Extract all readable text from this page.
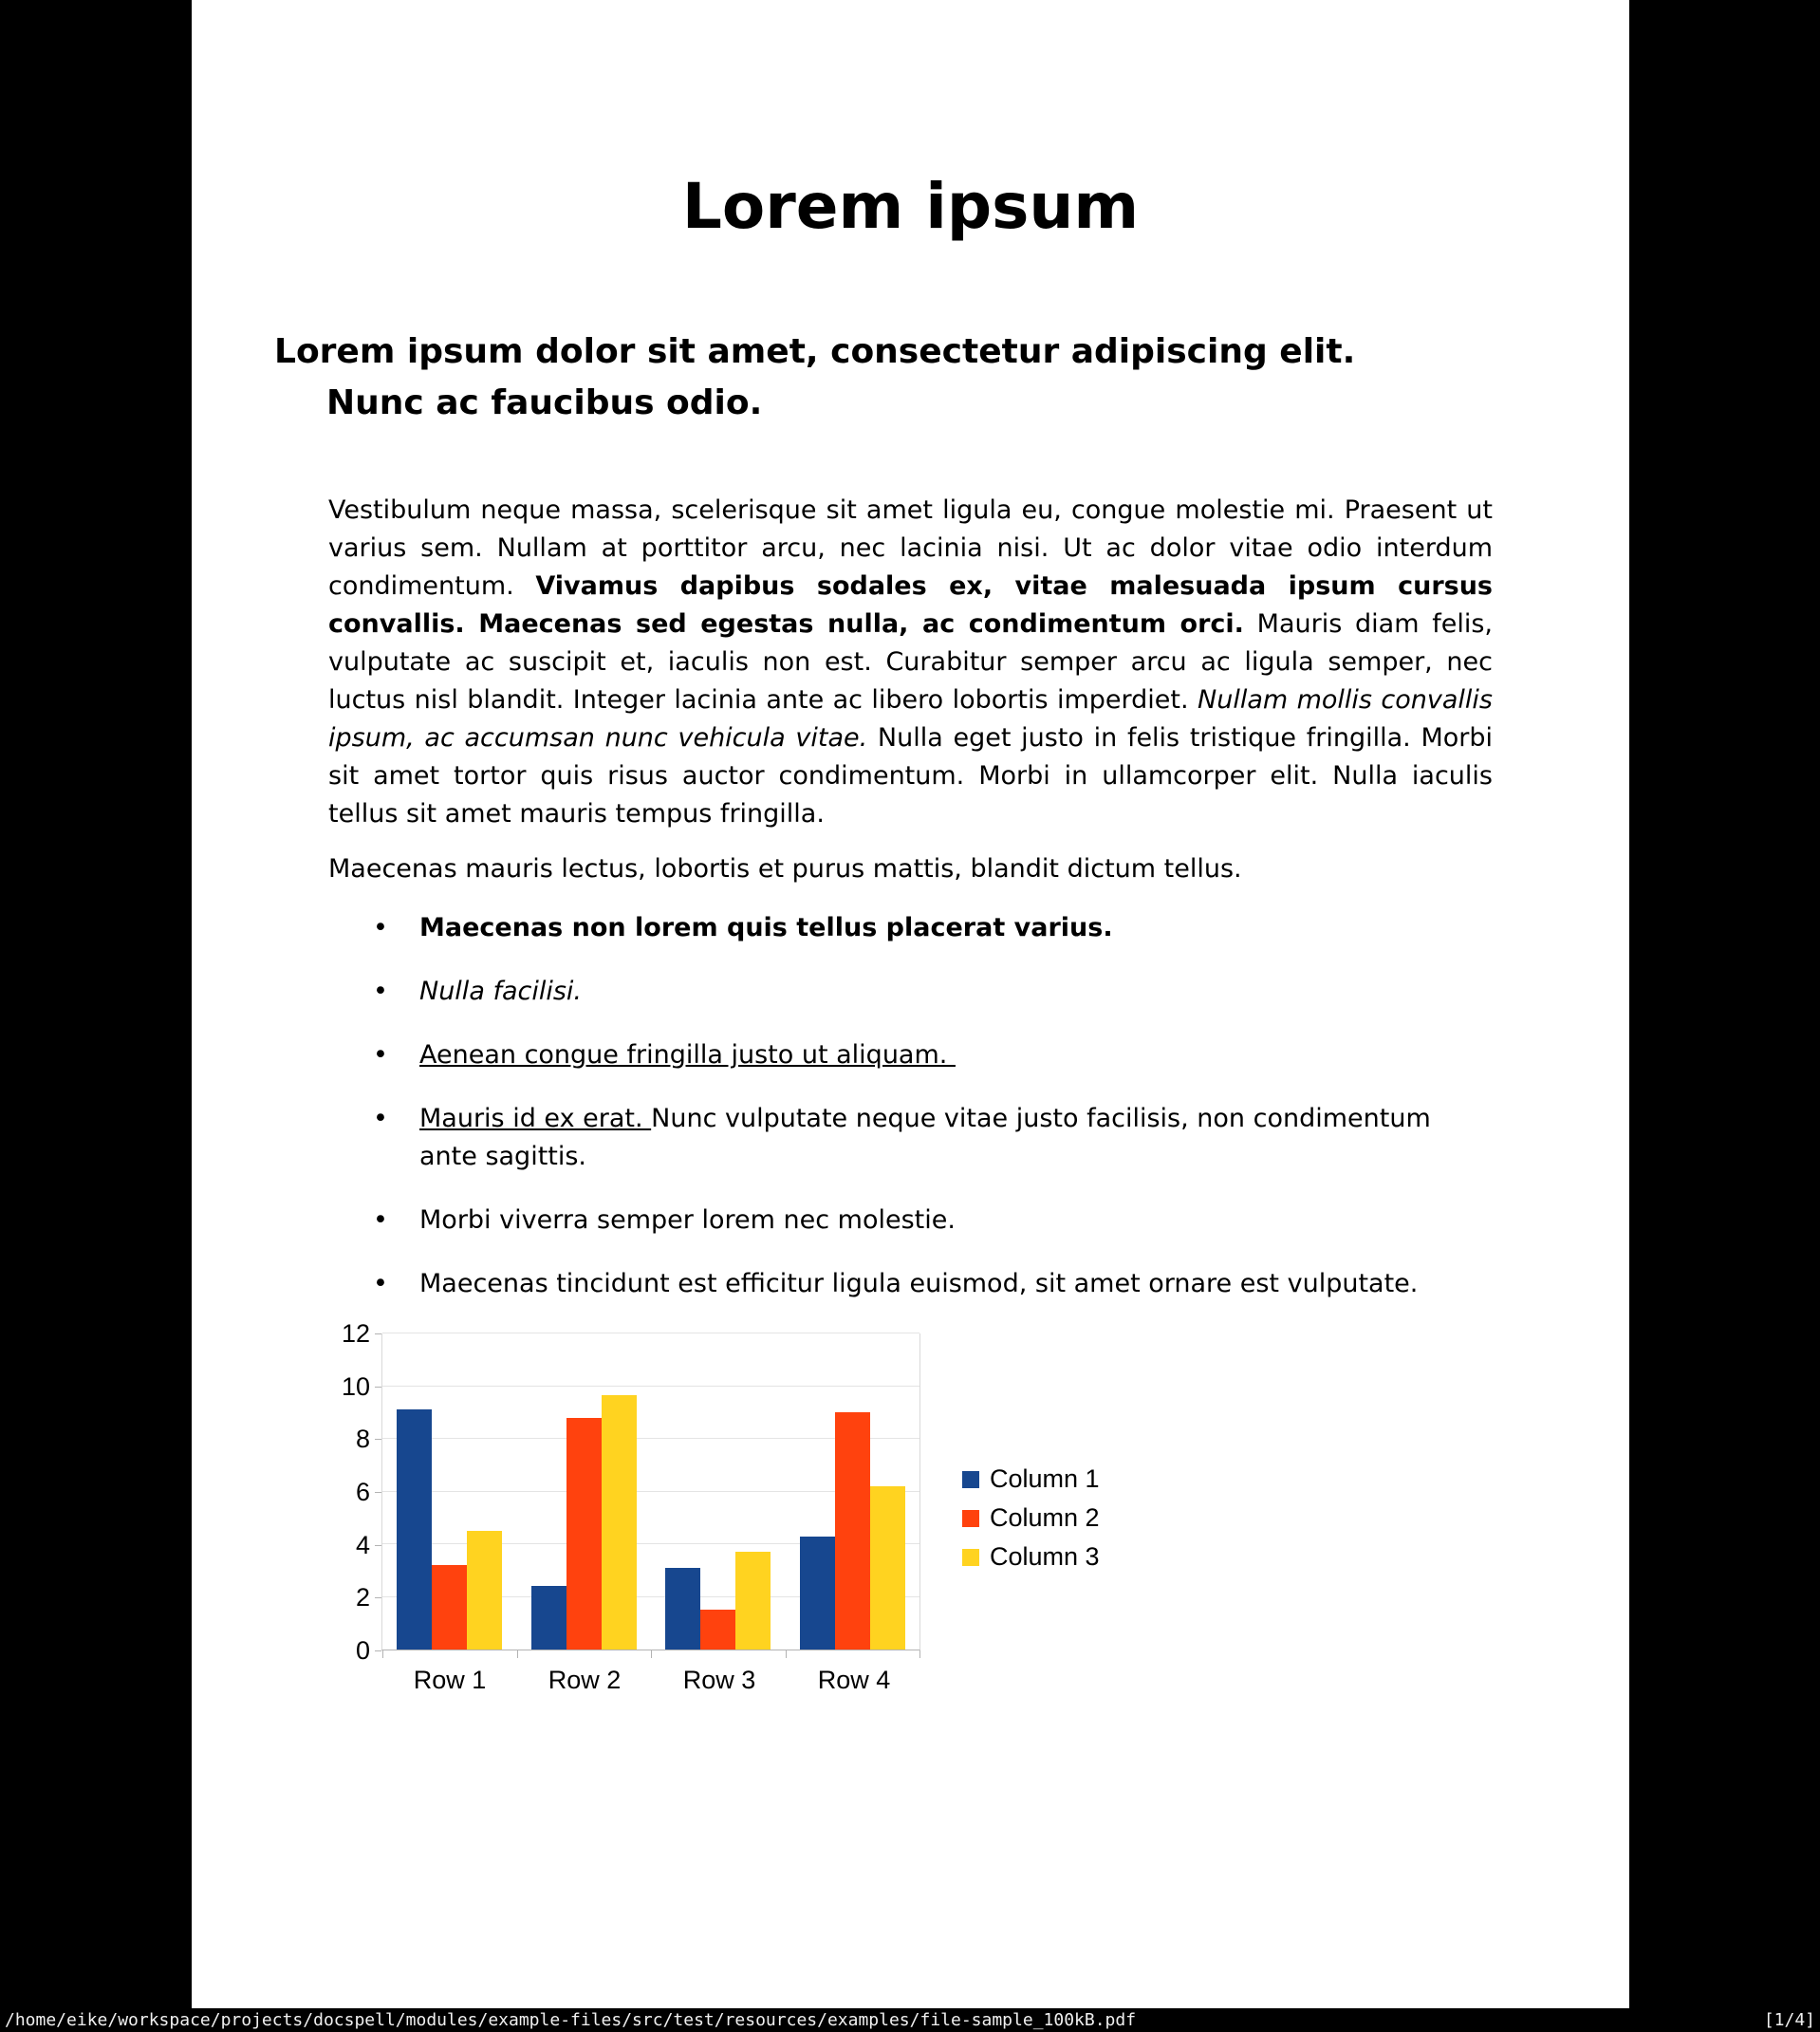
Lorem ipsum
Lorem ipsum dolor sit amet, consectetur adipiscing elit.
Nunc ac faucibus odio.

Vestibulum neque massa, scelerisque sit amet ligula eu, congue molestie mi. Praesent ut varius sem. Nullam at porttitor arcu, nec lacinia nisi. Ut ac dolor vitae odio interdum condimentum. Vivamus dapibus sodales ex, vitae malesuada ipsum cursus convallis. Maecenas sed egestas nulla, ac condimentum orci. Mauris diam felis, vulputate ac suscipit et, iaculis non est. Curabitur semper arcu ac ligula semper, nec luctus nisl blandit. Integer lacinia ante ac libero lobortis imperdiet. Nullam mollis convallis ipsum, ac accumsan nunc vehicula vitae. Nulla eget justo in felis tristique fringilla. Morbi sit amet tortor quis risus auctor condimentum. Morbi in ullamcorper elit. Nulla iaculis tellus sit amet mauris tempus fringilla.

Maecenas mauris lectus, lobortis et purus mattis, blandit dictum tellus.

• Maecenas non lorem quis tellus placerat varius.
• Nulla facilisi.
• Aenean congue fringilla justo ut aliquam.
• Mauris id ex erat. Nunc vulputate neque vitae justo facilisis, non condimentum ante sagittis.
• Morbi viverra semper lorem nec molestie.
• Maecenas tincidunt est efficitur ligula euismod, sit amet ornare est vulputate.
0
2
4
6
8
10
12
Column 1
Column 2
Column 3
Row 1	Row 2	Row 3	Row 4
/home/eike/workspace/projects/docspell/modules/example-files/src/test/resources/examples/file-sample_100kB.pdf	[1/4]
